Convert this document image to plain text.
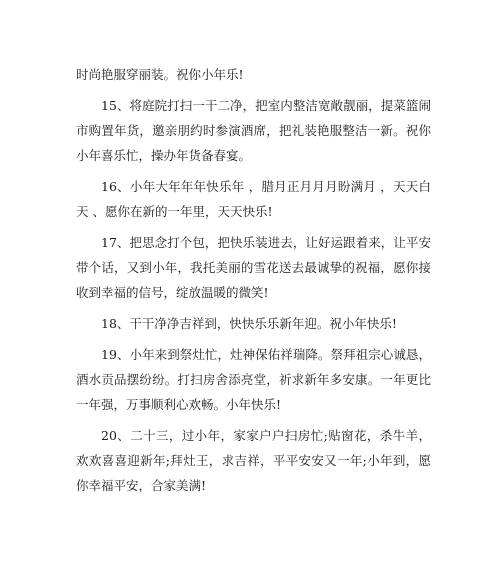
时尚艳服穿丽装。祝你小年乐!

15、将庭院打扫一干二净，把室内整洁宽敞靓丽，提菜篮闹市购置年货，邀亲朋约时参演酒席，把礼装艳服整洁一新。祝你小年喜乐忙，操办年货备春宴。

16、小年大年年年快乐年 ，腊月正月月月盼满月 ，天天白天 、愿你在新的一年里，天天快乐!

17、把思念打个包，把快乐装进去，让好运跟着来，让平安带个话，又到小年，我托美丽的雪花送去最诚挚的祝福，愿你接收到幸福的信号，绽放温暖的微笑!

18、干干净净吉祥到，快快乐乐新年迎。祝小年快乐!

19、小年来到祭灶忙，灶神保佑祥瑞降。祭拜祖宗心诚恳，酒水贡品摆纷纷。打扫房舍添亮堂，祈求新年多安康。一年更比一年强，万事顺利心欢畅。小年快乐!

20、二十三，过小年，家家户户扫房忙;贴窗花，杀牛羊，欢欢喜喜迎新年;拜灶王，求吉祥，平平安安又一年;小年到，愿你幸福平安，合家美满!
